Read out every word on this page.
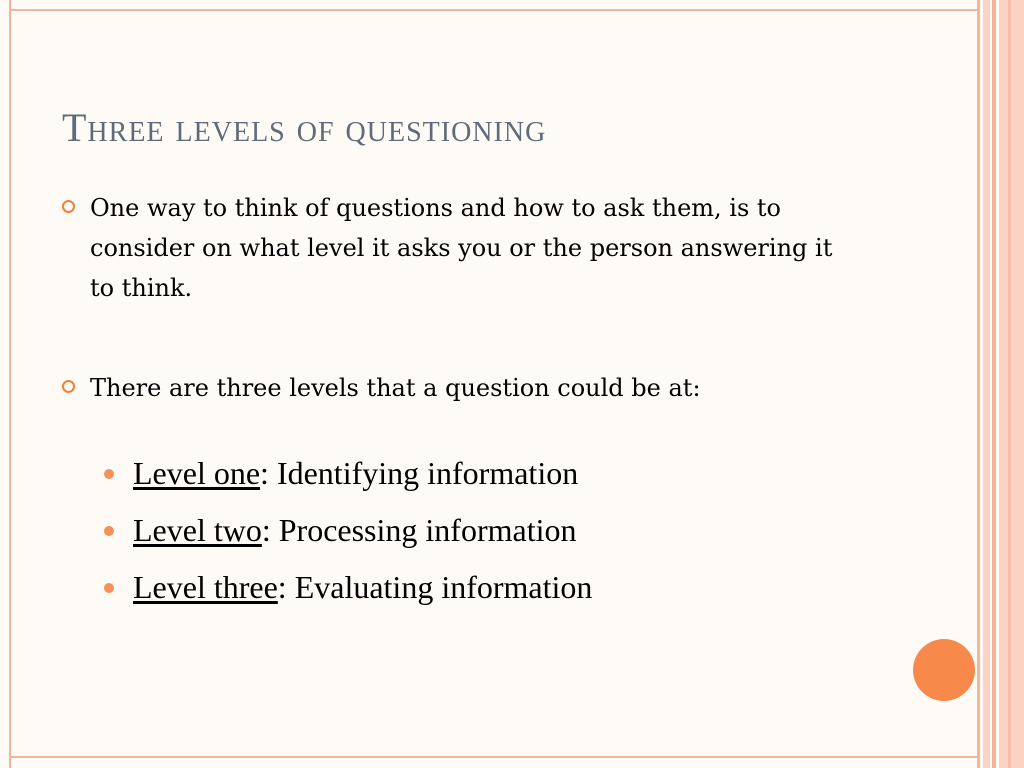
Three levels of questioning
One way to think of questions and how to ask them, is to consider on what level it asks you or the person answering it to think.
There are three levels that a question could be at:
Level one : Identifying information
Level two : Processing information
Level three : Evaluating information
